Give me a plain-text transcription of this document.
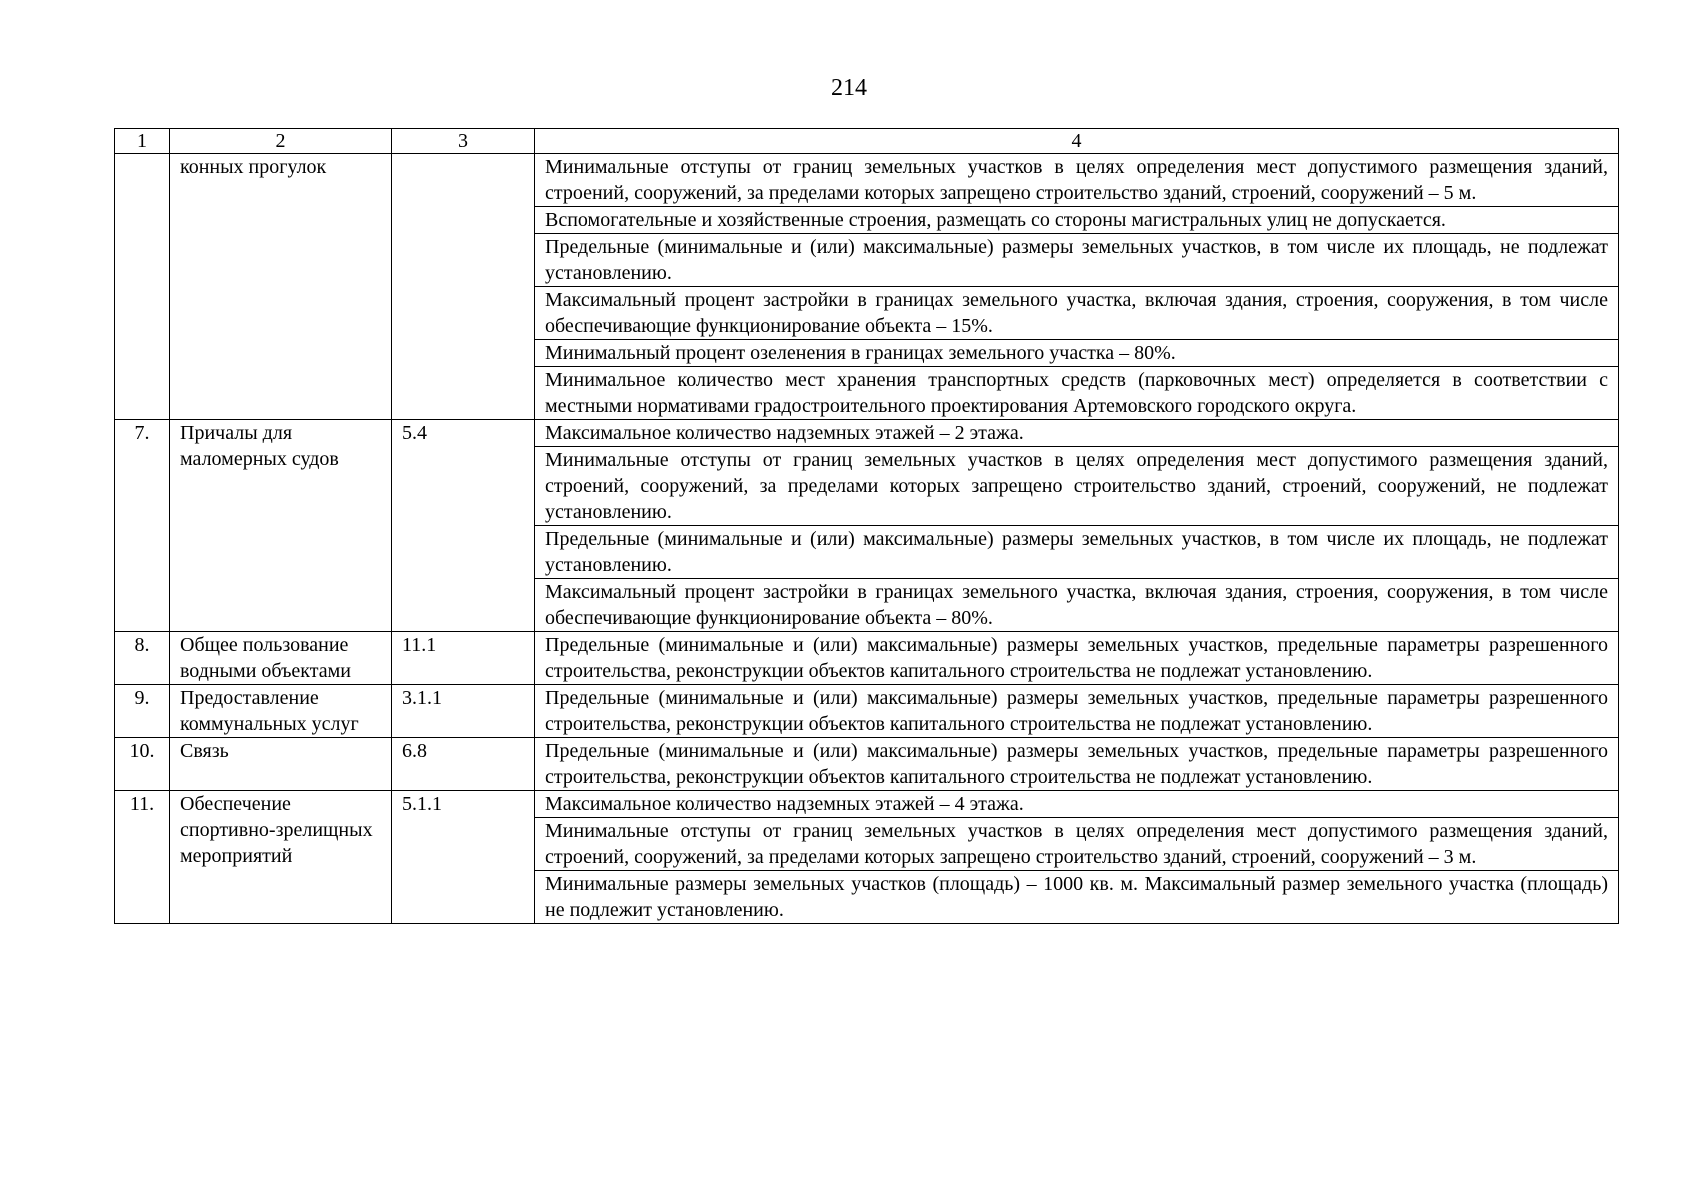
214
1	2	3	4
	конных прогулок		Минимальные отступы от границ земельных участков в целях определения мест допустимого размещения зданий, строений, сооружений, за пределами которых запрещено строительство зданий, строений, сооружений – 5 м.
			Вспомогательные и хозяйственные строения, размещать со стороны магистральных улиц не допускается.
			Предельные (минимальные и (или) максимальные) размеры земельных участков, в том числе их площадь, не подлежат установлению.
			Максимальный процент застройки в границах земельного участка, включая здания, строения, сооружения, в том числе обеспечивающие функционирование объекта – 15%.
			Минимальный процент озеленения в границах земельного участка – 80%.
			Минимальное количество мест хранения транспортных средств (парковочных мест) определяется в соответствии с местными нормативами градостроительного проектирования Артемовского городского округа.
7.	Причалы для маломерных судов	5.4	Максимальное количество надземных этажей – 2 этажа.
			Минимальные отступы от границ земельных участков в целях определения мест допустимого размещения зданий, строений, сооружений, за пределами которых запрещено строительство зданий, строений, сооружений, не подлежат установлению.
			Предельные (минимальные и (или) максимальные) размеры земельных участков, в том числе их площадь, не подлежат установлению.
			Максимальный процент застройки в границах земельного участка, включая здания, строения, сооружения, в том числе обеспечивающие функционирование объекта – 80%.
8.	Общее пользование водными объектами	11.1	Предельные (минимальные и (или) максимальные) размеры земельных участков, предельные параметры разрешенного строительства, реконструкции объектов капитального строительства не подлежат установлению.
9.	Предоставление коммунальных услуг	3.1.1	Предельные (минимальные и (или) максимальные) размеры земельных участков, предельные параметры разрешенного строительства, реконструкции объектов капитального строительства не подлежат установлению.
10.	Связь	6.8	Предельные (минимальные и (или) максимальные) размеры земельных участков, предельные параметры разрешенного строительства, реконструкции объектов капитального строительства не подлежат установлению.
11.	Обеспечение спортивно-зрелищных мероприятий	5.1.1	Максимальное количество надземных этажей – 4 этажа.
			Минимальные отступы от границ земельных участков в целях определения мест допустимого размещения зданий, строений, сооружений, за пределами которых запрещено строительство зданий, строений, сооружений – 3 м.
			Минимальные размеры земельных участков (площадь) – 1000 кв. м. Максимальный размер земельного участка (площадь) не подлежит установлению.
